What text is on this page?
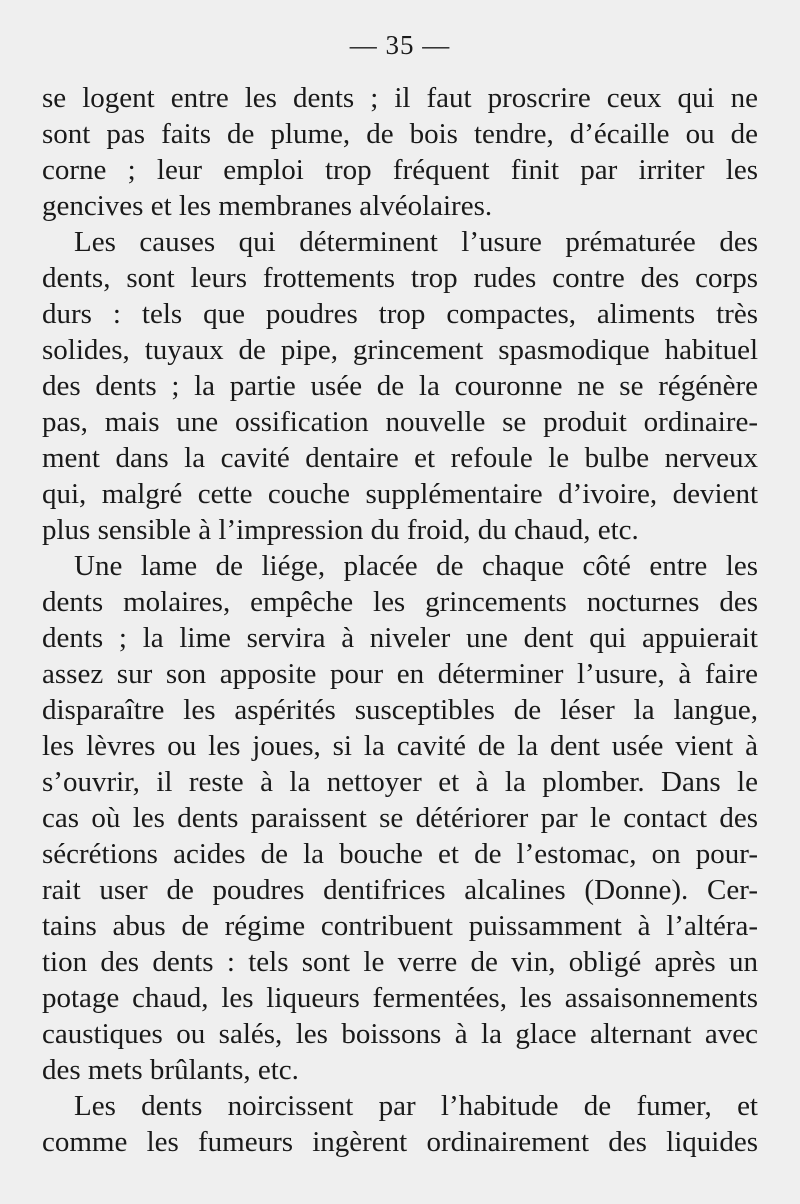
— 35 —
se logent entre les dents ; il faut proscrire ceux qui ne
sont pas faits de plume, de bois tendre, d’écaille ou de
corne ; leur emploi trop fréquent finit par irriter les
gencives et les membranes alvéolaires.
Les causes qui déterminent l’usure prématurée des
dents, sont leurs frottements trop rudes contre des corps
durs : tels que poudres trop compactes, aliments très
solides, tuyaux de pipe, grincement spasmodique habituel
des dents ; la partie usée de la couronne ne se régénère
pas, mais une ossification nouvelle se produit ordinaire-
ment dans la cavité dentaire et refoule le bulbe nerveux
qui, malgré cette couche supplémentaire d’ivoire, devient
plus sensible à l’impression du froid, du chaud, etc.
Une lame de liége, placée de chaque côté entre les
dents molaires, empêche les grincements nocturnes des
dents ; la lime servira à niveler une dent qui appuierait
assez sur son apposite pour en déterminer l’usure, à faire
disparaître les aspérités susceptibles de léser la langue,
les lèvres ou les joues, si la cavité de la dent usée vient à
s’ouvrir, il reste à la nettoyer et à la plomber. Dans le
cas où les dents paraissent se détériorer par le contact des
sécrétions acides de la bouche et de l’estomac, on pour-
rait user de poudres dentifrices alcalines (Donne). Cer-
tains abus de régime contribuent puissamment à l’altéra-
tion des dents : tels sont le verre de vin, obligé après un
potage chaud, les liqueurs fermentées, les assaisonnements
caustiques ou salés, les boissons à la glace alternant avec
des mets brûlants, etc.
Les dents noircissent par l’habitude de fumer, et
comme les fumeurs ingèrent ordinairement des liquides
